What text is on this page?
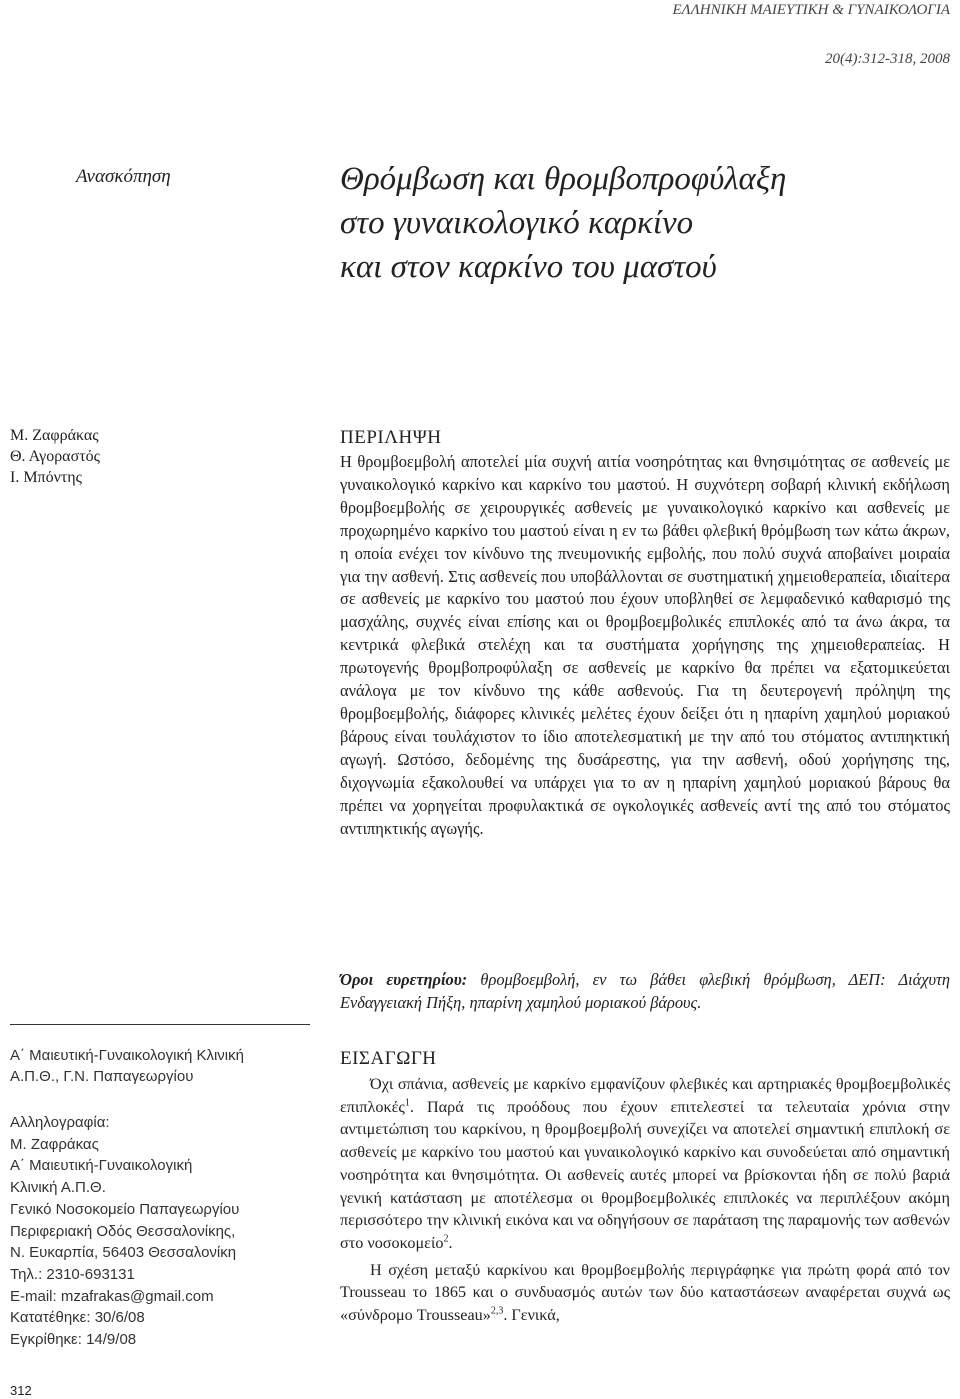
ΕΛΛΗΝΙΚΗ ΜΑΙΕΥΤΙΚΗ & ΓΥΝΑΙΚΟΛΟΓΙΑ
20(4):312-318, 2008
Ανασκόπηση	Θρόμβωση και θρομβοπροφύλαξη
στο γυναικολογικό καρκίνο
και στον καρκίνο του μαστού
Μ. Ζαφράκας
Θ. Αγοραστός
Ι. Μπόντης
Α΄ Μαιευτική-Γυναικολογική Κλινική
Α.Π.Θ., Γ.Ν. Παπαγεωργίου
Αλληλογραφία:
Μ. Ζαφράκας
Α΄ Μαιευτική-Γυναικολογική
Κλινική Α.Π.Θ.
Γενικό Νοσοκομείο Παπαγεωργίου
Περιφεριακή Οδός Θεσσαλονίκης,
Ν. Ευκαρπία, 56403 Θεσσαλονίκη
Τηλ.: 2310-693131
E-mail: mzafrakas@gmail.com
Κατατέθηκε: 30/6/08
Εγκρίθηκε: 14/9/08
312
ΠΕΡΙΛΗΨΗ
Η θρομβοεμβολή αποτελεί μία συχνή αιτία νοσηρότητας και θνησιμότητας σε ασθενείς με γυναικολογικό καρκίνο και καρκίνο του μαστού. Η συχνότερη σοβαρή κλινική εκδήλωση θρομβοεμβολής σε χειρουργικές ασθενείς με γυναικολογικό καρκίνο και ασθενείς με προχωρημένο καρκίνο του μαστού είναι η εν τω βάθει φλεβική θρόμβωση των κάτω άκρων, η οποία ενέχει τον κίνδυνο της πνευμονικής εμβολής, που πολύ συχνά αποβαίνει μοιραία για την ασθενή. Στις ασθενείς που υποβάλλονται σε συστηματική χημειοθεραπεία, ιδιαίτερα σε ασθενείς με καρκίνο του μαστού που έχουν υποβληθεί σε λεμφαδενικό καθαρισμό της μασχάλης, συχνές είναι επίσης και οι θρομβοεμβολικές επιπλοκές από τα άνω άκρα, τα κεντρικά φλεβικά στελέχη και τα συστήματα χορήγησης της χημειοθεραπείας. Η πρωτογενής θρομβοπροφύλαξη σε ασθενείς με καρκίνο θα πρέπει να εξατομικεύεται ανάλογα με τον κίνδυνο της κάθε ασθενούς. Για τη δευτερογενή πρόληψη της θρομβοεμβολής, διάφορες κλινικές μελέτες έχουν δείξει ότι η ηπαρίνη χαμηλού μοριακού βάρους είναι τουλάχιστον το ίδιο αποτελεσματική με την από του στόματος αντιπηκτική αγωγή. Ωστόσο, δεδομένης της δυσάρεστης, για την ασθενή, οδού χορήγησης της, διχογνωμία εξακολουθεί να υπάρχει για το αν η ηπαρίνη χαμηλού μοριακού βάρους θα πρέπει να χορηγείται προφυλακτικά σε ογκολογικές ασθενείς αντί της από του στόματος αντιπηκτικής αγωγής.
Όροι ευρετηρίου: θρομβοεμβολή, εν τω βάθει φλεβική θρόμβωση, ΔΕΠ: Διάχυτη Ενδαγγειακή Πήξη, ηπαρίνη χαμηλού μοριακού βάρους.
ΕΙΣΑΓΩΓΗ

Όχι σπάνια, ασθενείς με καρκίνο εμφανίζουν φλεβικές και αρτηριακές θρομβοεμβολικές επιπλοκές$^1$. Παρά τις προόδους που έχουν επιτελεστεί τα τελευταία χρόνια στην αντιμετώπιση του καρκίνου, η θρομβοεμβολή συνεχίζει να αποτελεί σημαντική επιπλοκή σε ασθενείς με καρκίνο του μαστού και γυναικολογικό καρκίνο και συνοδεύεται από σημαντική νοσηρότητα και θνησιμότητα. Οι ασθενείς αυτές μπορεί να βρίσκονται ήδη σε πολύ βαριά γενική κατάσταση με αποτέλεσμα οι θρομβοεμβολικές επιπλοκές να περιπλέξουν ακόμη περισσότερο την κλινική εικόνα και να οδηγήσουν σε παράταση της παραμονής των ασθενών στο νοσοκομείο$^2$.

Η σχέση μεταξύ καρκίνου και θρομβοεμβολής περιγράφηκε για πρώτη φορά από τον Trousseau το 1865 και ο συνδυασμός αυτών των δύο καταστάσεων αναφέρεται συχνά ως «σύνδρομο Trousseau»$^{2,3}$. Γενικά,
